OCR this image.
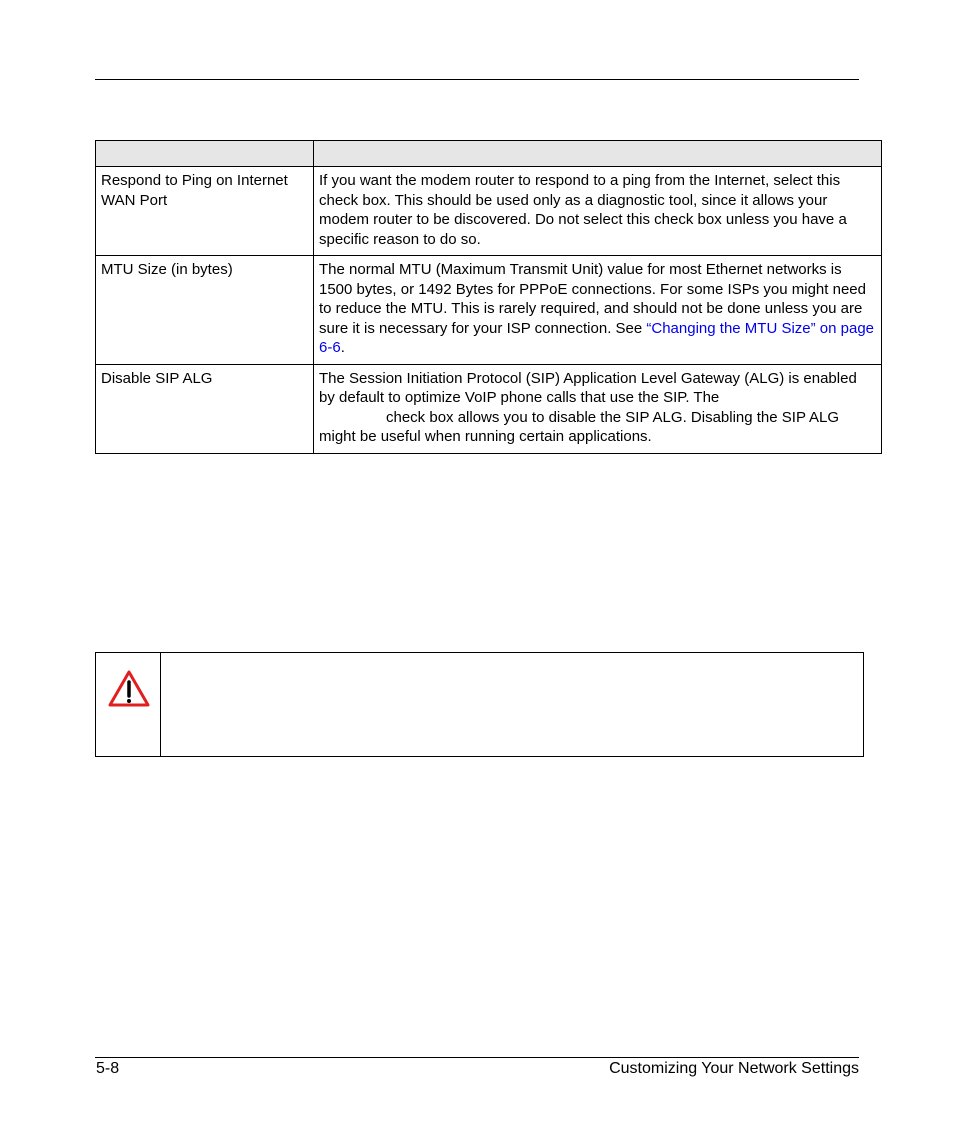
Respond to Ping on Internet WAN Port	If you want the modem router to respond to a ping from the Internet, select this check box. This should be used only as a diagnostic tool, since it allows your modem router to be discovered. Do not select this check box unless you have a specific reason to do so.
MTU Size (in bytes)	The normal MTU (Maximum Transmit Unit) value for most Ethernet networks is 1500 bytes, or 1492 Bytes for PPPoE connections. For some ISPs you might need to reduce the MTU. This is rarely required, and should not be done unless you are sure it is necessary for your ISP connection. See “Changing the MTU Size” on page 6-6.
Disable SIP ALG	The Session Initiation Protocol (SIP) Application Level Gateway (ALG) is enabled by default to optimize VoIP phone calls that use the SIP. The
check box allows you to disable the SIP ALG. Disabling the SIP ALG might be useful when running certain applications.
5-8	Customizing Your Network Settings
